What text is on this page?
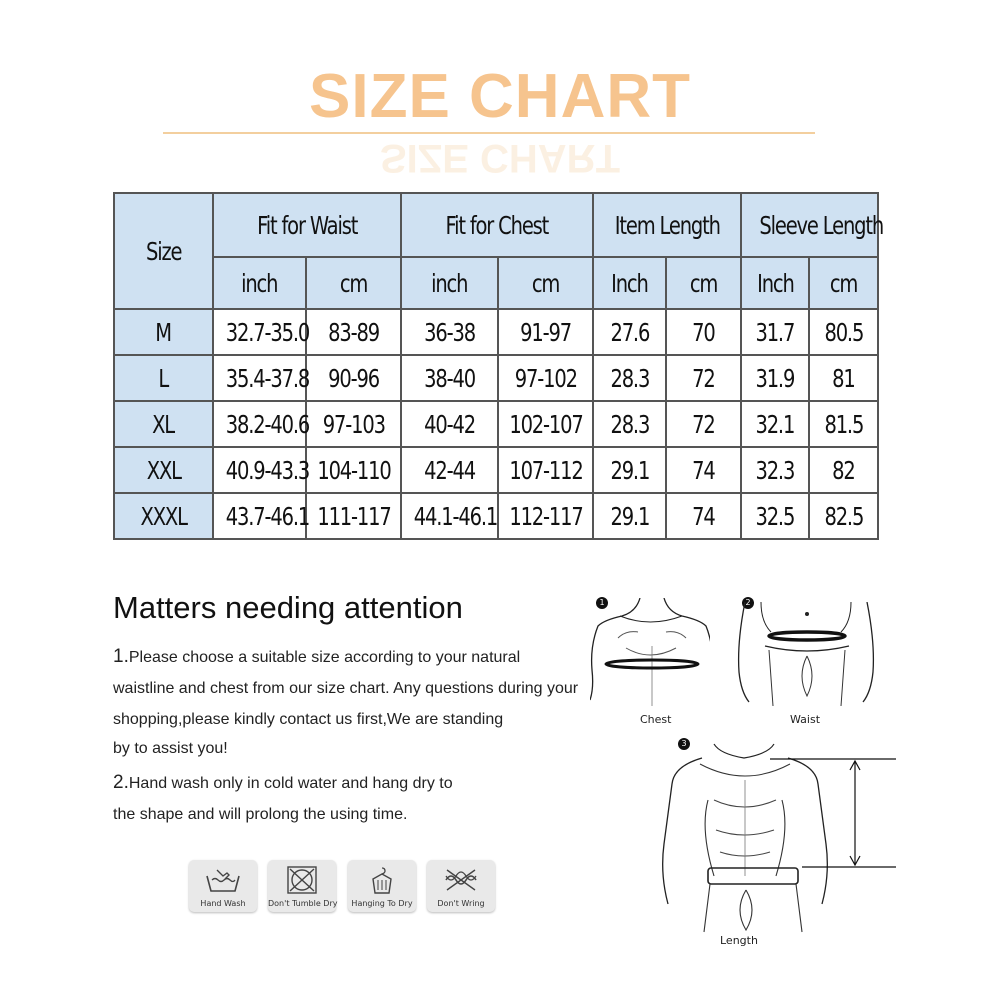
SIZE CHART
SIZE CHART
Size	Fit for Waist		Fit for Chest		Item Length		Sleeve Length	
	inch	cm	inch	cm	Inch	cm	Inch	cm
M	32.7-35.0	83-89	36-38	91-97	27.6	70	31.7	80.5
L	35.4-37.8	90-96	38-40	97-102	28.3	72	31.9	81
XL	38.2-40.6	97-103	40-42	102-107	28.3	72	32.1	81.5
XXL	40.9-43.3	104-110	42-44	107-112	29.1	74	32.3	82
XXXL	43.7-46.1	111-117	44.1-46.1	112-117	29.1	74	32.5	82.5
Matters needing attention
1.Please choose a suitable size according to your natural
waistline and chest from our size chart. Any questions during your
shopping,please kindly contact us first,We are standing
by to assist you!
2.Hand wash only in cold water and hang dry to
the shape and will prolong the using time.
Hand Wash	Don't Tumble Dry	Hanging To Dry	Don't Wring
1
Chest
2
Waist
3
Length
